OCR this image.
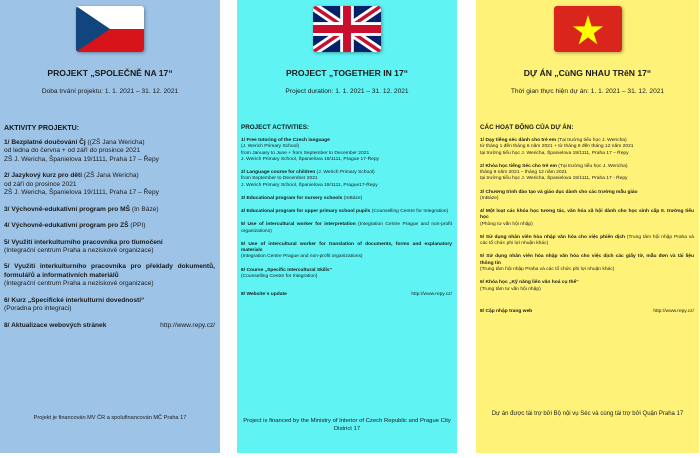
PROJEKT „SPOLEČNĚ NA 17“
Doba trvání projektu: 1. 1. 2021 – 31. 12. 2021
AKTIVITY PROJEKTU:
1/ Bezplatné doučování Čj ((ZŠ Jana Wericha)
od ledna do června + od září do prosince 2021
ZŠ J. Wericha, Španielova 19/1111, Praha 17 – Řepy
2/ Jazykový kurz pro děti (ZŠ Jana Wericha)
od září do prosince 2021
ZŠ J. Wericha, Španielova 19/1111, Praha 17 – Řepy
3/ Výchovně-edukativní program pro MŠ (In Báze)
4/ Výchovně-edukativní program pro ZŠ (PPI)
5/ Využití interkulturního pracovníka pro tlumočení
(Integrační centrum Praha a neziskové organizace)
5/ Využití interkulturního pracovníka pro překlady dokumentů, formulářů a informativních materiálů
(Integrační centrum Praha a neziskové organizace)
6/ Kurz „Specifické interkulturní dovednosti“
(Poradna pro integraci)
8/ Aktualizace webových stránek	http://www.repy.cz/
Projekt je financován MV ČR a spolufinancován MČ Praha 17
PROJECT „TOGETHER IN 17“
Project duration: 1. 1. 2021 – 31. 12. 2021
PROJECT ACTIVITIES:
1/ Free tutoring of the Czech language
(J. Werich Primary School)
from January to June + from September to December 2021
J. Werich Primary School, Španielova 19/1111, Prague 17-Řepy
2/ Language course for children (J. Werich Primary School)
from September to December 2021
J. Werich Primary School, Španielova 19/1111, Prague17-Řepy
3/ Educational program for nursery schools (InBáze)
4/ Educational program for upper primary school pupils (Counselling Centre for Integration)
5/ Use of intercultural worker for interpretation (Integration Centre Prague and non-profit organizations)
5/ Use of intercultural worker for translation of documents, forms and explanatory materials
(Integration Centre Prague and non-profit organizations)
6/ Course „Specific Intercultural Skills“
(Counselling Centre for Integration)
8/ Website´s update	http://www.repy.cz/
Project is financed by the Ministry of Interior of Czech Republic and Prague City District 17
DỰ ÁN „CùNG NHAU TRêN 17“
Thời gian thực hiện dự án: 1. 1. 2021 – 31. 12. 2021
CÁC HOẠT ĐỘNG CỦA DỰ ÁN:
1/ Dạy tiếng séc dành cho trẻ em (Tại trường tiểu học J. Wericha)
từ tháng 1 đến tháng 6 năm 2021 + từ tháng 9 đến tháng 12 năm 2021
tại trường tiểu học J. Wericha, Španielova 19/1111, Praha 17 – Řepy
2/ Khóa học tiếng Séc cho trẻ em (Tại trường tiểu học J. Wericha)
tháng 9 năm 2021 – tháng 12 năm 2021
tại trường tiểu học J. Wericha, Španielova 19/1111, Praha 17 - Řepy
3/ Chương trình đào tạo và giáo dục dành cho các trường mẫu giáo
(InBáze)
4/ Một loạt các khóa học tương tác, văn hóa xã hội dành cho học sinh cấp II. trường tiểu học
(Phòng tư vấn hội nhập)
5/ Sử dụng nhân viên hòa nhập văn hóa cho việc phiên dịch (Trung tâm hội nhập Praha và các tổ chức phi lợi nhuận khác)
5/ Sử dụng nhân viên hòa nhập văn hóa cho việc dịch các giấy tờ, mẫu đơn và tài liệu thông tin
(Trung tâm hội nhập Praha và các tổ chức phi lợi nhuận khác)
6/ Khóa học „Kỹ năng liên văn hoá cụ thể“
(Trung tâm tư vấn hội nhập)
8/ Cập nhập trang web	http://www.repy.cz/
Dự án được tài trợ bởi Bộ nội vụ Séc và cùng tài trợ bởi Quận Praha 17
